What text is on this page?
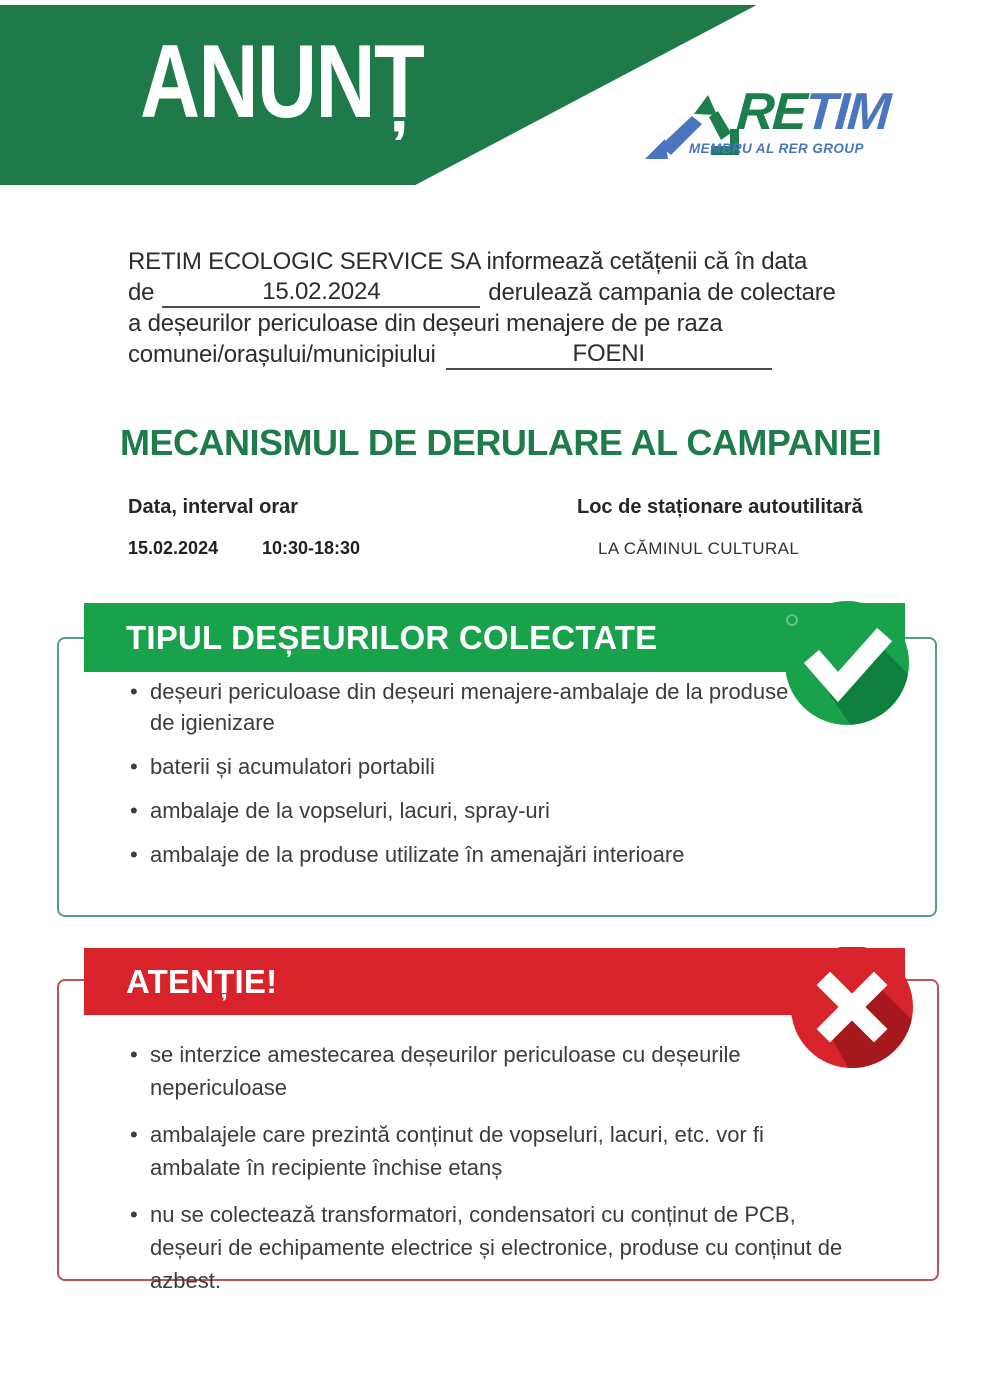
ANUNȚ	RETIM
MEMBRU AL RER GROUP
RETIM ECOLOGIC SERVICE SA informează cetățenii că în data
de	15.02.2024	derulează campania de colectare
a deșeurilor periculoase din deșeuri menajere de pe raza
comunei/orașului/municipiului	FOENI
MECANISMUL DE DERULARE AL CAMPANIEI
Data, interval orar	Loc de staționare autoutilitară
15.02.2024 10:30-18:30	LA CĂMINUL CULTURAL
TIPUL DEȘEURILOR COLECTATE
• deșeuri periculoase din deșeuri menajere-ambalaje de la produse de igienizare
• baterii și acumulatori portabili
• ambalaje de la vopseluri, lacuri, spray-uri
• ambalaje de la produse utilizate în amenajări interioare
ATENȚIE!
• se interzice amestecarea deșeurilor periculoase cu deșeurile nepericuloase
• ambalajele care prezintă conținut de vopseluri, lacuri, etc. vor fi ambalate în recipiente închise etanș
• nu se colectează transformatori, condensatori cu conținut de PCB, deșeuri de echipamente electrice și electronice, produse cu conținut de azbest.
